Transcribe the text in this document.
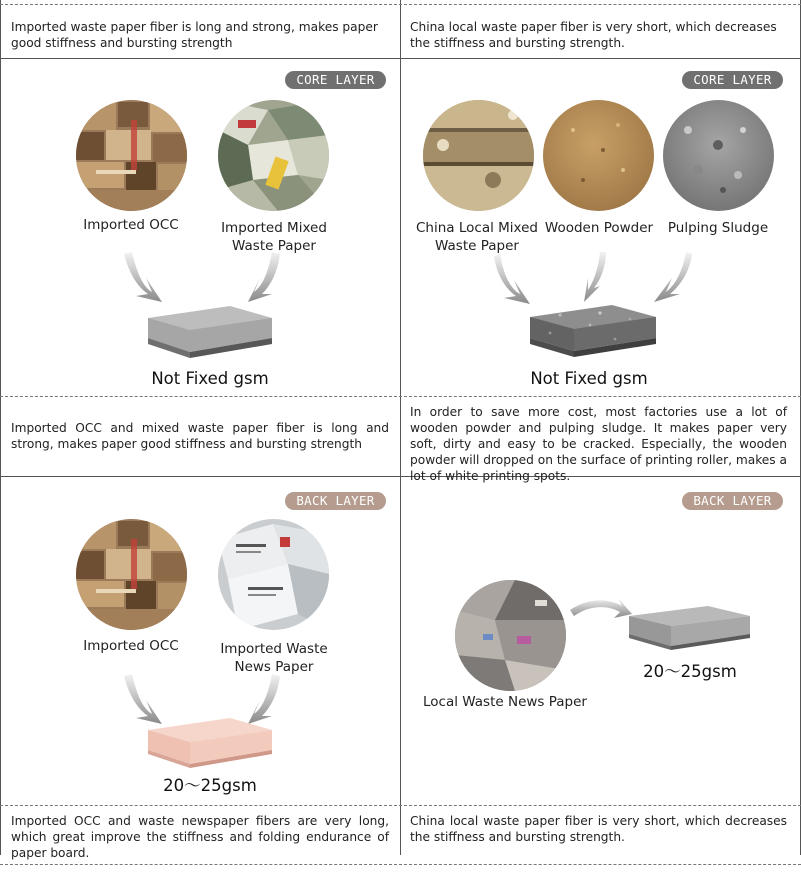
Imported waste paper fiber is long and strong, makes paper good stiffness and bursting strength
China local waste paper fiber is very short, which decreases the stiffness and bursting strength.
CORE LAYER
Imported OCC	Imported Mixed Waste Paper
Not Fixed gsm
Imported OCC and mixed waste paper fiber is long and strong, makes paper good stiffness and bursting strength
CORE LAYER
China Local Mixed Waste Paper
Wooden Powder	Pulping Sludge
Not Fixed gsm
In order to save more cost, most factories use a lot of wooden powder and pulping sludge. It makes paper very soft, dirty and easy to be cracked. Especially, the wooden powder will dropped on the surface of printing roller, makes a lot of white printing spots.
BACK LAYER
Imported OCC	Imported Waste News Paper
20～25gsm
Imported OCC and waste newspaper fibers are very long, which great improve the stiffness and folding endurance of paper board.
BACK LAYER
20～25gsm
Local Waste News Paper
China local waste paper fiber is very short, which decreases the stiffness and bursting strength.
